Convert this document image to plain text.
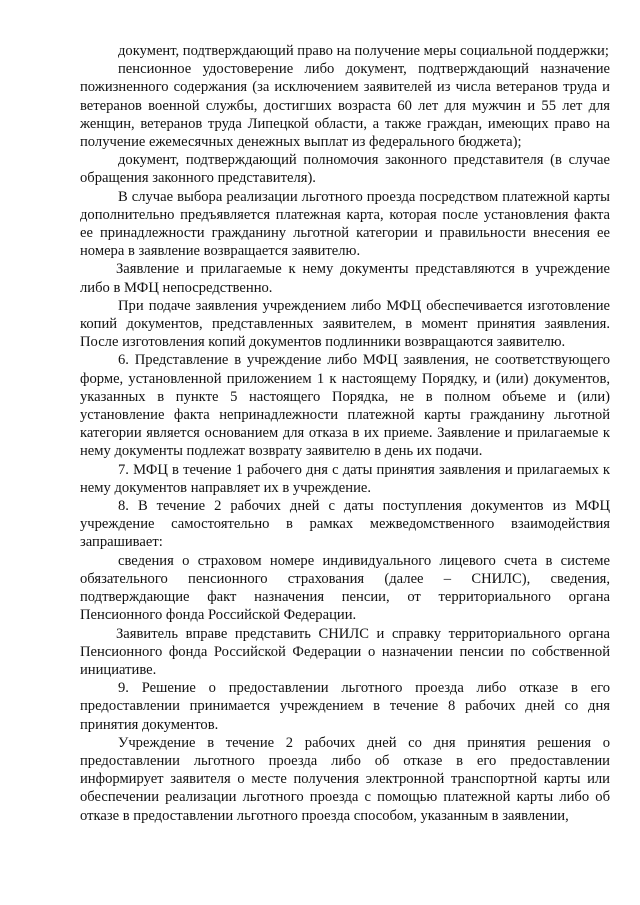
документ, подтверждающий право на получение меры социальной поддержки;

пенсионное удостоверение либо документ, подтверждающий назначение пожизненного содержания (за исключением заявителей из числа ветеранов труда и ветеранов военной службы, достигших возраста 60 лет для мужчин и 55 лет для женщин, ветеранов труда Липецкой области, а также граждан, имеющих право на получение ежемесячных денежных выплат из федерального бюджета);

документ, подтверждающий полномочия законного представителя (в случае обращения законного представителя).

В случае выбора реализации льготного проезда посредством платежной карты дополнительно предъявляется платежная карта, которая после установления факта ее принадлежности гражданину льготной категории и правильности внесения ее номера в заявление возвращается заявителю.

Заявление и прилагаемые к нему документы представляются в учреждение либо в МФЦ непосредственно.

При подаче заявления учреждением либо МФЦ обеспечивается изготовление копий документов, представленных заявителем, в момент принятия заявления. После изготовления копий документов подлинники возвращаются заявителю.

6. Представление в учреждение либо МФЦ заявления, не соответствующего форме, установленной приложением 1 к настоящему Порядку, и (или) документов, указанных в пункте 5 настоящего Порядка, не в полном объеме и (или) установление факта непринадлежности платежной карты гражданину льготной категории является основанием для отказа в их приеме. Заявление и прилагаемые к нему документы подлежат возврату заявителю в день их подачи.

7. МФЦ в течение 1 рабочего дня с даты принятия заявления и прилагаемых к нему документов направляет их в учреждение.

8. В течение 2 рабочих дней с даты поступления документов из МФЦ учреждение самостоятельно в рамках межведомственного взаимодействия запрашивает:

сведения о страховом номере индивидуального лицевого счета в системе обязательного пенсионного страхования (далее – СНИЛС), сведения, подтверждающие факт назначения пенсии, от территориального органа Пенсионного фонда Российской Федерации.

Заявитель вправе представить СНИЛС и справку территориального органа Пенсионного фонда Российской Федерации о назначении пенсии по собственной инициативе.

9. Решение о предоставлении льготного проезда либо отказе в его предоставлении принимается учреждением в течение 8 рабочих дней со дня принятия документов.

Учреждение в течение 2 рабочих дней со дня принятия решения о предоставлении льготного проезда либо об отказе в его предоставлении информирует заявителя о месте получения электронной транспортной карты или обеспечении реализации льготного проезда с помощью платежной карты либо об отказе в предоставлении льготного проезда способом, указанным в заявлении,
